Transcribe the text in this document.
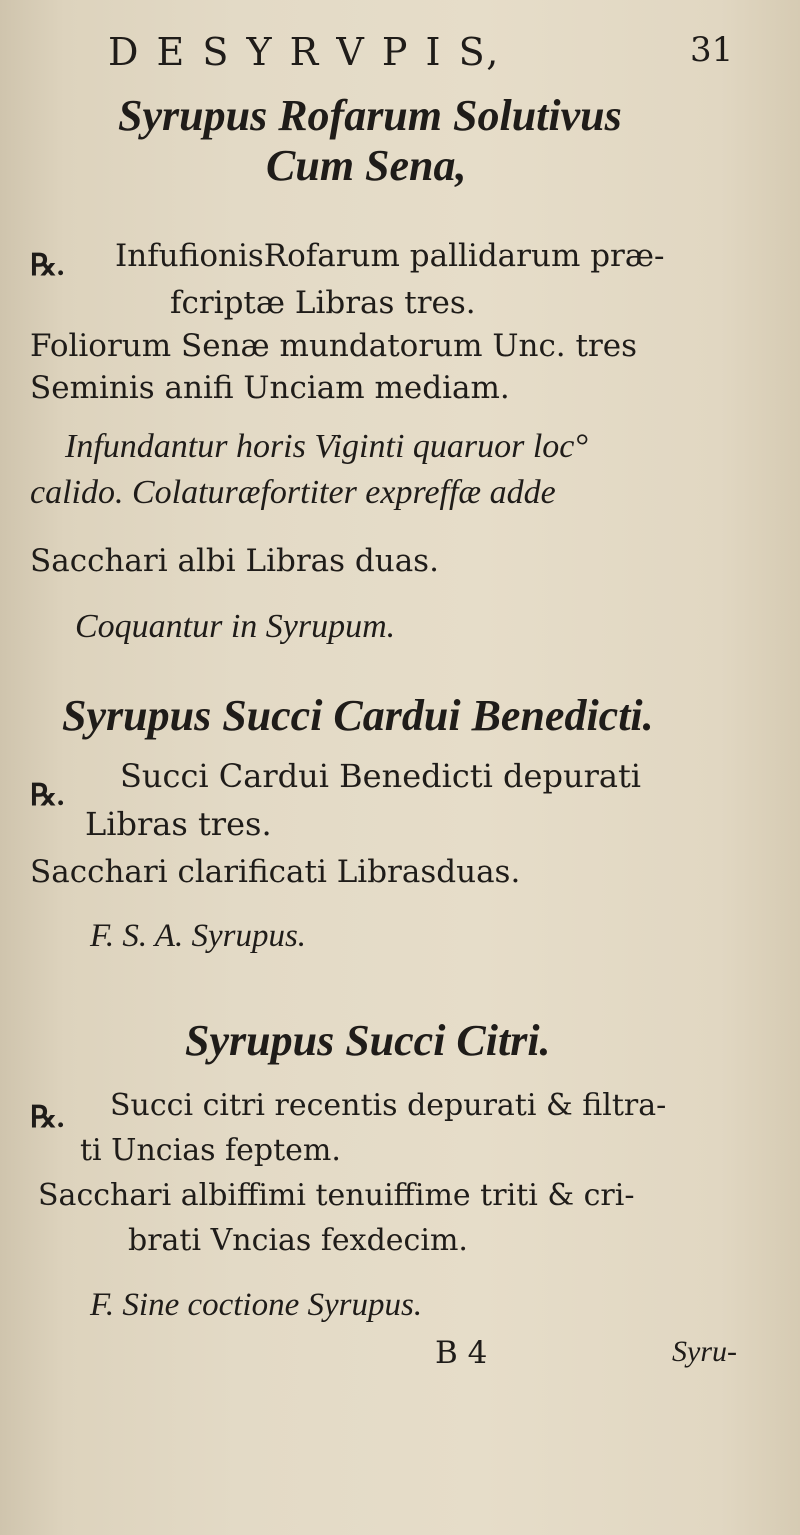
D E S Y R V P I S,	31
Syrupus Rofarum Solutivus
Cum Sena,
℞. InfufionisRofarum pallidarum præ-
fcriptæ Libras tres.
Foliorum Senæ mundatorum Unc. tres
Seminis anifi Unciam mediam.
Infundantur horis Viginti quaruor loc°
calido. Colaturæfortiter expreffæ adde
Sacchari albi Libras duas.
Coquantur in Syrupum.
Syrupus Succi Cardui Benedicti.
℞.
Succi Cardui Benedicti depurati
Libras tres.
Sacchari clarificati Librasduas.
F. S. A. Syrupus.
Syrupus Succi Citri.
℞. Succi citri recentis depurati & filtra-
ti Uncias feptem.
Sacchari albiffimi tenuiffime triti & cri-
brati Vncias fexdecim.
F. Sine coctione Syrupus.
B 4	Syru-
